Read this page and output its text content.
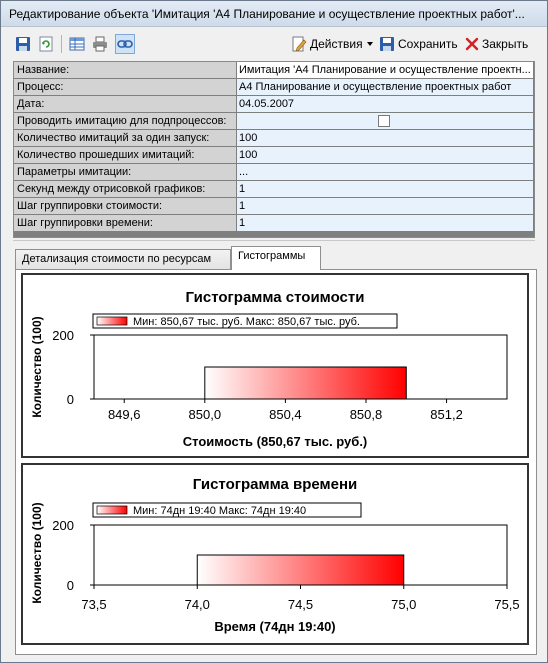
Редактирование объекта 'Имитация 'А4 Планирование и осуществление проектных работ'...
Действия	Сохранить Закрыть
Название:	Имитация 'А4 Планирование и осуществление проектн...
Процесс:	А4 Планирование и осуществление проектных работ
Дата:	04.05.2007
Проводить имитацию для подпроцессов:
Количество имитаций за один запуск:	100
Количество прошедших имитаций:	100
Параметры имитации:	...
Секунд между отрисовкой графиков:	1
Шаг группировки стоимости:	1
Шаг группировки времени:	1
Детализация стоимости по ресурсам	Гистограммы
Гистограмма стоимости
Мин: 850,67 тыс. руб. Макс: 850,67 тыс. руб.
0
200
849,6	850,0	850,4	850,8	851,2
Стоимость (850,67 тыс. руб.)
Количество (100)
Гистограмма времени
Мин: 74дн 19:40 Макс: 74дн 19:40
0
200
73,5	74,0	74,5	75,0	75,5
Время (74дн 19:40)
Количество (100)
